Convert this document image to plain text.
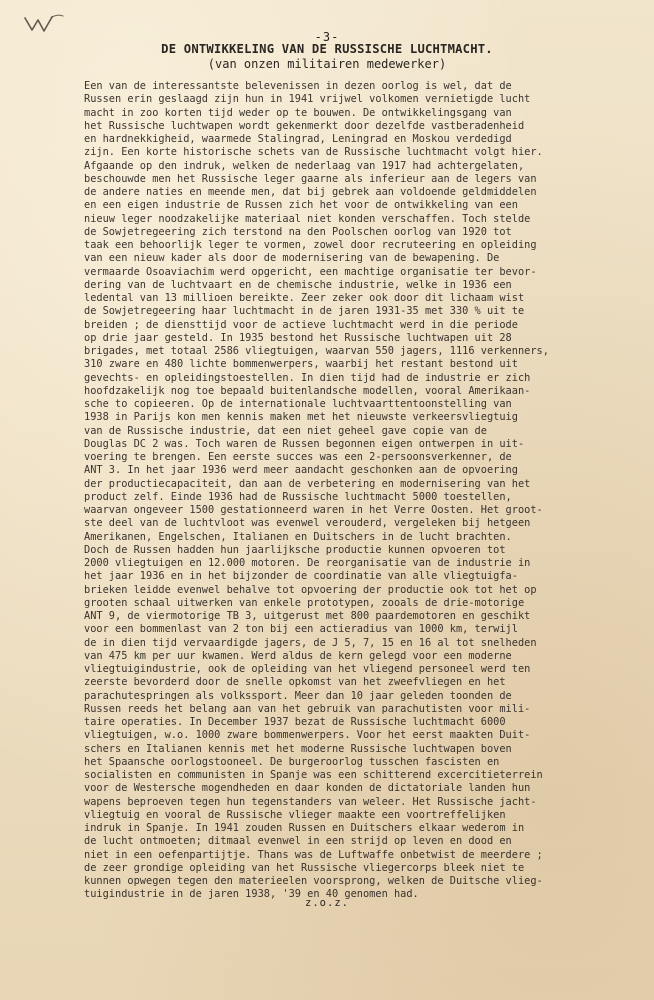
-3-
DE ONTWIKKELING VAN DE RUSSISCHE LUCHTMACHT.
(van onzen militairen medewerker)
Een van de interessantste belevenissen in dezen oorlog is wel, dat de
Russen erin geslaagd zijn hun in 1941 vrijwel volkomen vernietigde lucht
macht in zoo korten tijd weder op te bouwen. De ontwikkelingsgang van
het Russische luchtwapen wordt gekenmerkt door dezelfde vastberadenheid
en hardnekkigheid, waarmede Stalingrad, Leningrad en Moskou verdedigd
zijn. Een korte historische schets van de Russische luchtmacht volgt hier.
Afgaande op den indruk, welken de nederlaag van 1917 had achtergelaten,
beschouwde men het Russische leger gaarne als inferieur aan de legers van
de andere naties en meende men, dat bij gebrek aan voldoende geldmiddelen
en een eigen industrie de Russen zich het voor de ontwikkeling van een
nieuw leger noodzakelijke materiaal niet konden verschaffen. Toch stelde
de Sowjetregeering zich terstond na den Poolschen oorlog van 1920 tot
taak een behoorlijk leger te vormen, zowel door recruteering en opleiding
van een nieuw kader als door de modernisering van de bewapening. De
vermaarde Osoaviachim werd opgericht, een machtige organisatie ter bevor-
dering van de luchtvaart en de chemische industrie, welke in 1936 een
ledental van 13 millioen bereikte. Zeer zeker ook door dit lichaam wist
de Sowjetregeering haar luchtmacht in de jaren 1931-35 met 330 % uit te
breiden ; de diensttijd voor de actieve luchtmacht werd in die periode
op drie jaar gesteld. In 1935 bestond het Russische luchtwapen uit 28
brigades, met totaal 2586 vliegtuigen, waarvan 550 jagers, 1116 verkenners,
310 zware en 480 lichte bommenwerpers, waarbij het restant bestond uit
gevechts- en opleidingstoestellen. In dien tijd had de industrie er zich
hoofdzakelijk nog toe bepaald buitenlandsche modellen, vooral Amerikaan-
sche to copieeren. Op de internationale luchtvaarttentoonstelling van
1938 in Parijs kon men kennis maken met het nieuwste verkeersvliegtuig
van de Russische industrie, dat een niet geheel gave copie van de
Douglas DC 2 was. Toch waren de Russen begonnen eigen ontwerpen in uit-
voering te brengen. Een eerste succes was een 2-persoonsverkenner, de
ANT 3. In het jaar 1936 werd meer aandacht geschonken aan de opvoering
der productiecapaciteit, dan aan de verbetering en modernisering van het
product zelf. Einde 1936 had de Russische luchtmacht 5000 toestellen,
waarvan ongeveer 1500 gestationneerd waren in het Verre Oosten. Het groot-
ste deel van de luchtvloot was evenwel verouderd, vergeleken bij hetgeen
Amerikanen, Engelschen, Italianen en Duitschers in de lucht brachten.
Doch de Russen hadden hun jaarlijksche productie kunnen opvoeren tot
2000 vliegtuigen en 12.000 motoren. De reorganisatie van de industrie in
het jaar 1936 en in het bijzonder de coordinatie van alle vliegtuigfa-
brieken leidde evenwel behalve tot opvoering der productie ook tot het op
grooten schaal uitwerken van enkele prototypen, zooals de drie-motorige
ANT 9, de viermotorige TB 3, uitgerust met 800 paardemotoren en geschikt
voor een bommenlast van 2 ton bij een actieradius van 1000 km, terwijl
de in dien tijd vervaardigde jagers, de J 5, 7, 15 en 16 al tot snelheden
van 475 km per uur kwamen. Werd aldus de kern gelegd voor een moderne
vliegtuigindustrie, ook de opleiding van het vliegend personeel werd ten
zeerste bevorderd door de snelle opkomst van het zweefvliegen en het
parachutespringen als volkssport. Meer dan 10 jaar geleden toonden de
Russen reeds het belang aan van het gebruik van parachutisten voor mili-
taire operaties. In December 1937 bezat de Russische luchtmacht 6000
vliegtuigen, w.o. 1000 zware bommenwerpers. Voor het eerst maakten Duit-
schers en Italianen kennis met het moderne Russische luchtwapen boven
het Spaansche oorlogstooneel. De burgeroorlog tusschen fascisten en
socialisten en communisten in Spanje was een schitterend excercitieterrein
voor de Westersche mogendheden en daar konden de dictatoriale landen hun
wapens beproeven tegen hun tegenstanders van weleer. Het Russische jacht-
vliegtuig en vooral de Russische vlieger maakte een voortreffelijken
indruk in Spanje. In 1941 zouden Russen en Duitschers elkaar wederom in
de lucht ontmoeten; ditmaal evenwel in een strijd op leven en dood en
niet in een oefenpartijtje. Thans was de Luftwaffe onbetwist de meerdere ;
de zeer grondige opleiding van het Russische vliegercorps bleek niet te
kunnen opwegen tegen den materieelen voorsprong, welken de Duitsche vlieg-
tuigindustrie in de jaren 1938, '39 en 40 genomen had.
z.o.z.
